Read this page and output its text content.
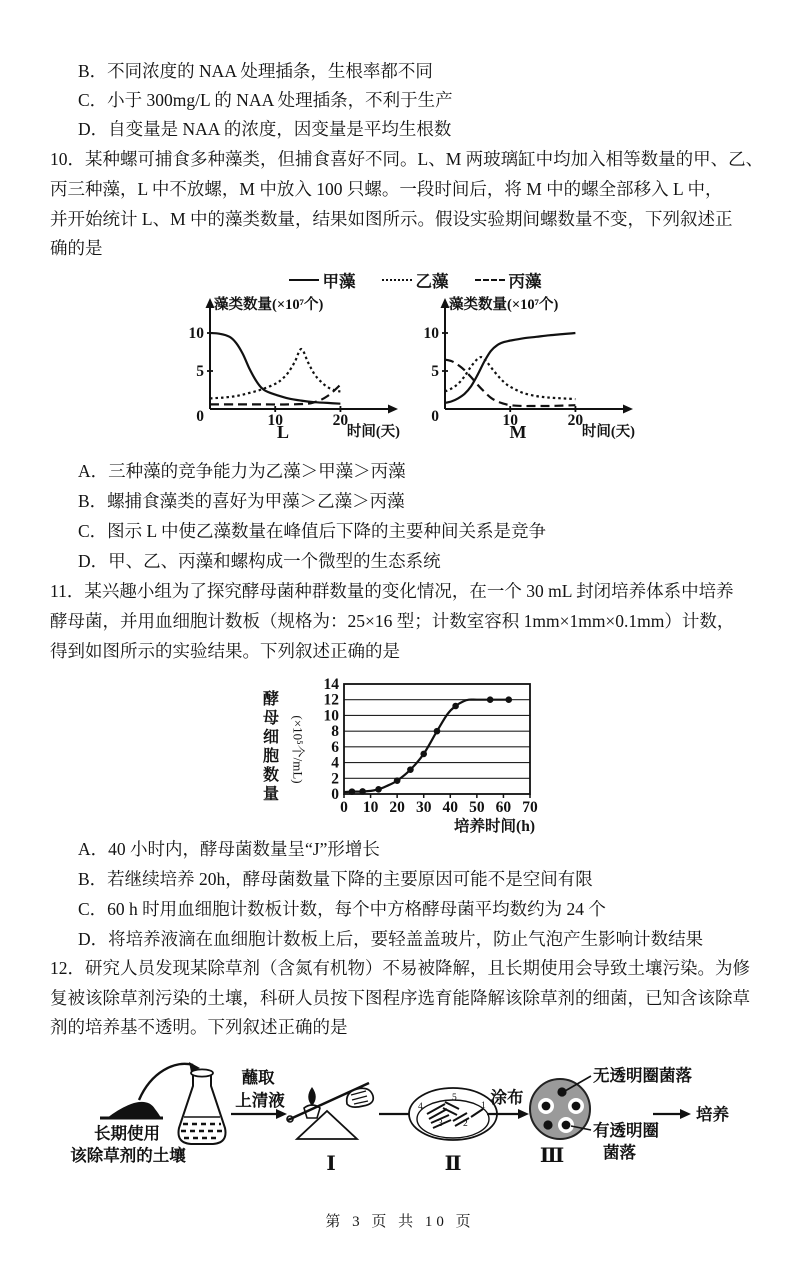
B．不同浓度的 NAA 处理插条，生根率都不同
C．小于 300mg/L 的 NAA 处理插条，不利于生产
D．自变量是 NAA 的浓度，因变量是平均生根数
10．某种螺可捕食多种藻类，但捕食喜好不同。L、M 两玻璃缸中均加入相等数量的甲、乙、
丙三种藻，L 中不放螺，M 中放入 100 只螺。一段时间后，将 M 中的螺全部移入 L 中，
并开始统计 L、M 中的藻类数量，结果如图所示。假设实验期间螺数量不变，下列叙述正
确的是
甲藻	乙藻	丙藻
藻类数量(×10⁷个)
时间(天)
L
0
5
10
10	20
藻类数量(×10⁷个)
时间(天)
M
0
5
10
10	20
A．三种藻的竞争能力为乙藻＞甲藻＞丙藻
B．螺捕食藻类的喜好为甲藻＞乙藻＞丙藻
C．图示 L 中使乙藻数量在峰值后下降的主要种间关系是竞争
D．甲、乙、丙藻和螺构成一个微型的生态系统
11．某兴趣小组为了探究酵母菌种群数量的变化情况，在一个 30 mL 封闭培养体系中培养
酵母菌，并用血细胞计数板（规格为：25×16 型；计数室容积 1mm×1mm×0.1mm）计数，
得到如图所示的实验结果。下列叙述正确的是
酵母细胞数量
(×10⁵个/mL)
0
2
4
6
8
10
12
14
0 10 20 30 40 50 60 70
培养时间(h)
A．40 小时内，酵母菌数量呈“J”形增长
B．若继续培养 20h，酵母菌数量下降的主要原因可能不是空间有限
C．60 h 时用血细胞计数板计数，每个中方格酵母菌平均数约为 24 个
D．将培养液滴在血细胞计数板上后，要轻盖盖玻片，防止气泡产生影响计数结果
12．研究人员发现某除草剂（含氮有机物）不易被降解，且长期使用会导致土壤污染。为修
复被该除草剂污染的土壤，科研人员按下图程序选育能降解该除草剂的细菌，已知含该除草
剂的培养基不透明。下列叙述正确的是
长期使用
该除草剂的土壤
蘸取
上清液
Ⅰ
4
5
3 2
1
Ⅱ
涂布
无透明圈菌落
有透明圈
菌落
Ⅲ
培养
第 3 页 共 10 页
